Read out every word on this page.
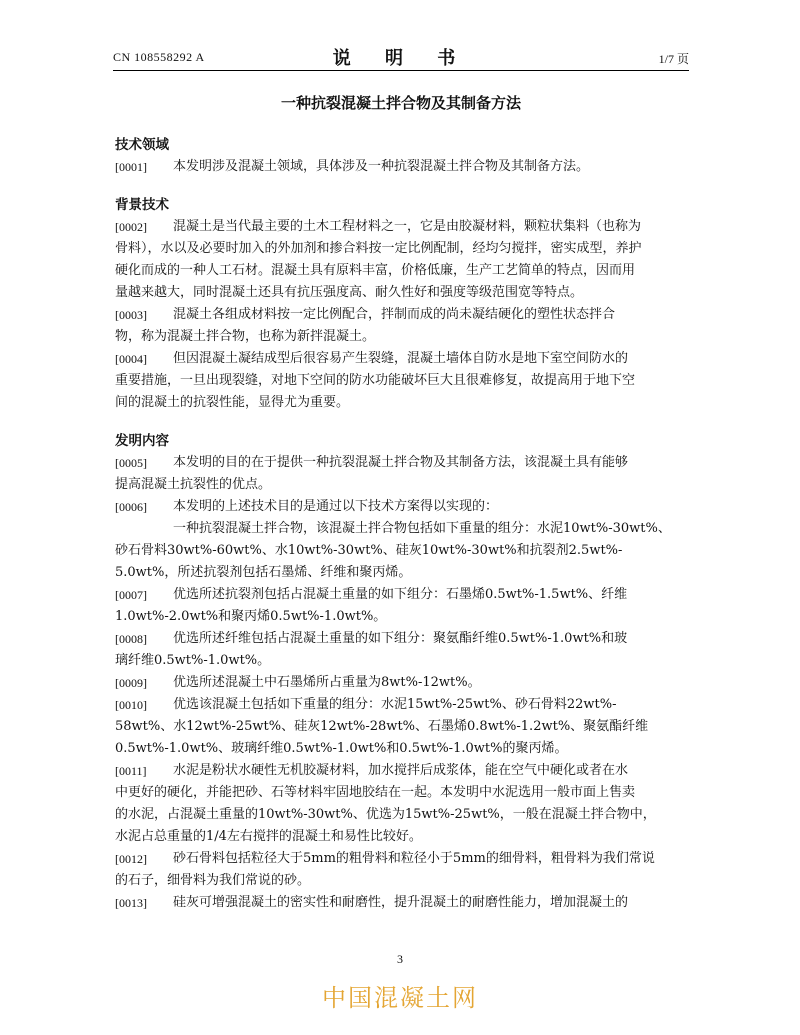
CN 108558292 A	说 明 书	1/7 页
一种抗裂混凝土拌合物及其制备方法
技术领域
[0001] 本发明涉及混凝土领域，具体涉及一种抗裂混凝土拌合物及其制备方法。
背景技术
[0002] 混凝土是当代最主要的土木工程材料之一，它是由胶凝材料，颗粒状集料（也称为
骨料），水以及必要时加入的外加剂和掺合料按一定比例配制，经均匀搅拌，密实成型，养护
硬化而成的一种人工石材。混凝土具有原料丰富，价格低廉，生产工艺简单的特点，因而用
量越来越大，同时混凝土还具有抗压强度高、耐久性好和强度等级范围宽等特点。
[0003] 混凝土各组成材料按一定比例配合，拌制而成的尚未凝结硬化的塑性状态拌合
物，称为混凝土拌合物，也称为新拌混凝土。
[0004] 但因混凝土凝结成型后很容易产生裂缝，混凝土墙体自防水是地下室空间防水的
重要措施，一旦出现裂缝，对地下空间的防水功能破坏巨大且很难修复，故提高用于地下空
间的混凝土的抗裂性能，显得尤为重要。
发明内容
[0005] 本发明的目的在于提供一种抗裂混凝土拌合物及其制备方法，该混凝土具有能够
提高混凝土抗裂性的优点。
[0006] 本发明的上述技术目的是通过以下技术方案得以实现的：
一种抗裂混凝土拌合物，该混凝土拌合物包括如下重量的组分：水泥10wt%-30wt%、
砂石骨料30wt%-60wt%、水10wt%-30wt%、硅灰10wt%-30wt%和抗裂剂2.5wt%-
5.0wt%，所述抗裂剂包括石墨烯、纤维和聚丙烯。
[0007] 优选所述抗裂剂包括占混凝土重量的如下组分：石墨烯0.5wt%-1.5wt%、纤维
1.0wt%-2.0wt%和聚丙烯0.5wt%-1.0wt%。
[0008] 优选所述纤维包括占混凝土重量的如下组分：聚氨酯纤维0.5wt%-1.0wt%和玻
璃纤维0.5wt%-1.0wt%。
[0009] 优选所述混凝土中石墨烯所占重量为8wt%-12wt%。
[0010] 优选该混凝土包括如下重量的组分：水泥15wt%-25wt%、砂石骨料22wt%-
58wt%、水12wt%-25wt%、硅灰12wt%-28wt%、石墨烯0.8wt%-1.2wt%、聚氨酯纤维
0.5wt%-1.0wt%、玻璃纤维0.5wt%-1.0wt%和0.5wt%-1.0wt%的聚丙烯。
[0011] 水泥是粉状水硬性无机胶凝材料，加水搅拌后成浆体，能在空气中硬化或者在水
中更好的硬化，并能把砂、石等材料牢固地胶结在一起。本发明中水泥选用一般市面上售卖
的水泥，占混凝土重量的10wt%-30wt%、优选为15wt%-25wt%，一般在混凝土拌合物中，
水泥占总重量的1/4左右搅拌的混凝土和易性比较好。
[0012] 砂石骨料包括粒径大于5mm的粗骨料和粒径小于5mm的细骨料，粗骨料为我们常说
的石子，细骨料为我们常说的砂。
[0013] 硅灰可增强混凝土的密实性和耐磨性，提升混凝土的耐磨性能力，增加混凝土的
3
中国混凝土网
